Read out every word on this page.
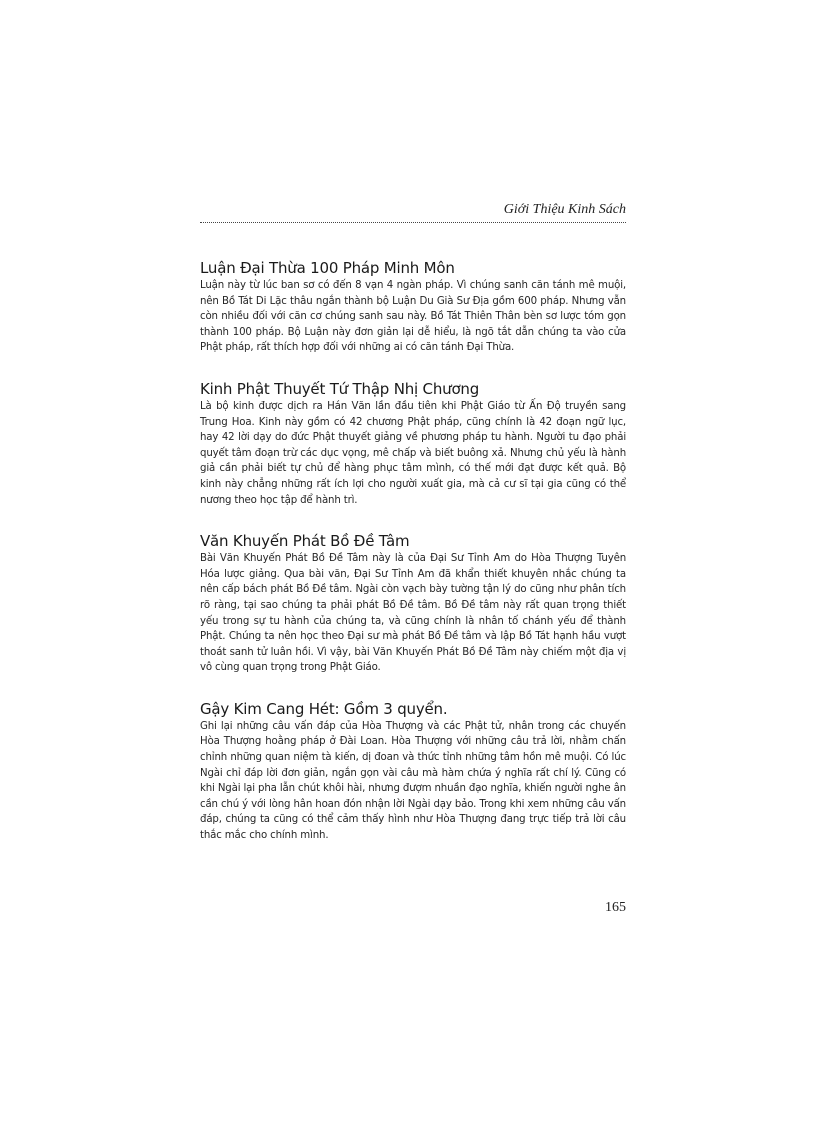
Giới Thiệu Kinh Sách
Luận Đại Thừa 100 Pháp Minh Môn

Luận này từ lúc ban sơ có đến 8 vạn 4 ngàn pháp. Vì chúng sanh căn tánh mê muội, nên Bồ Tát Di Lặc thâu ngắn thành bộ Luận Du Già Sư Địa gồm 600 pháp. Nhưng vẫn còn nhiều đối với căn cơ chúng sanh sau này. Bồ Tát Thiên Thân bèn sơ lược tóm gọn thành 100 pháp. Bộ Luận này đơn giản lại dễ hiểu, là ngõ tắt dẫn chúng ta vào cửa Phật pháp, rất thích hợp đối với những ai có căn tánh Đại Thừa.

Kinh Phật Thuyết Tứ Thập Nhị Chương

Là bộ kinh được dịch ra Hán Văn lần đầu tiên khi Phật Giáo từ Ấn Độ truyền sang Trung Hoa. Kinh này gồm có 42 chương Phật pháp, cũng chính là 42 đoạn ngữ lục, hay 42 lời dạy do đức Phật thuyết giảng về phương pháp tu hành. Người tu đạo phải quyết tâm đoạn trừ các dục vọng, mê chấp và biết buông xả. Nhưng chủ yếu là hành giả cần phải biết tự chủ để hàng phục tâm mình, có thế mới đạt được kết quả. Bộ kinh này chẳng những rất ích lợi cho người xuất gia, mà cả cư sĩ tại gia cũng có thể nương theo học tập để hành trì.

Văn Khuyến Phát Bồ Đề Tâm

Bài Văn Khuyến Phát Bồ Đề Tâm này là của Đại Sư Tỉnh Am do Hòa Thượng Tuyên Hóa lược giảng. Qua bài văn, Đại Sư Tỉnh Am đã khẩn thiết khuyên nhắc chúng ta nên cấp bách phát Bồ Đề tâm. Ngài còn vạch bày tường tận lý do cũng như phân tích rõ ràng, tại sao chúng ta phải phát Bồ Đề tâm. Bồ Đề tâm này rất quan trọng thiết yếu trong sự tu hành của chúng ta, và cũng chính là nhân tố chánh yếu để thành Phật. Chúng ta nên học theo Đại sư mà phát Bồ Đề tâm và lập Bồ Tát hạnh hầu vượt thoát sanh tử luân hồi. Vì vậy, bài Văn Khuyến Phát Bồ Đề Tâm này chiếm một địa vị vô cùng quan trọng trong Phật Giáo.

Gậy Kim Cang Hét: Gồm 3 quyển.

Ghi lại những câu vấn đáp của Hòa Thượng và các Phật tử, nhân trong các chuyến Hòa Thượng hoằng pháp ở Đài Loan. Hòa Thượng với những câu trả lời, nhằm chấn chỉnh những quan niệm tà kiến, dị đoan và thức tỉnh những tâm hồn mê muội. Có lúc Ngài chỉ đáp lời đơn giản, ngắn gọn vài câu mà hàm chứa ý nghĩa rất chí lý. Cũng có khi Ngài lại pha lẫn chút khôi hài, nhưng đượm nhuần đạo nghĩa, khiến người nghe ân cần chú ý với lòng hân hoan đón nhận lời Ngài dạy bảo. Trong khi xem những câu vấn đáp, chúng ta cũng có thể cảm thấy hình như Hòa Thượng đang trực tiếp trả lời câu thắc mắc cho chính mình.

165
